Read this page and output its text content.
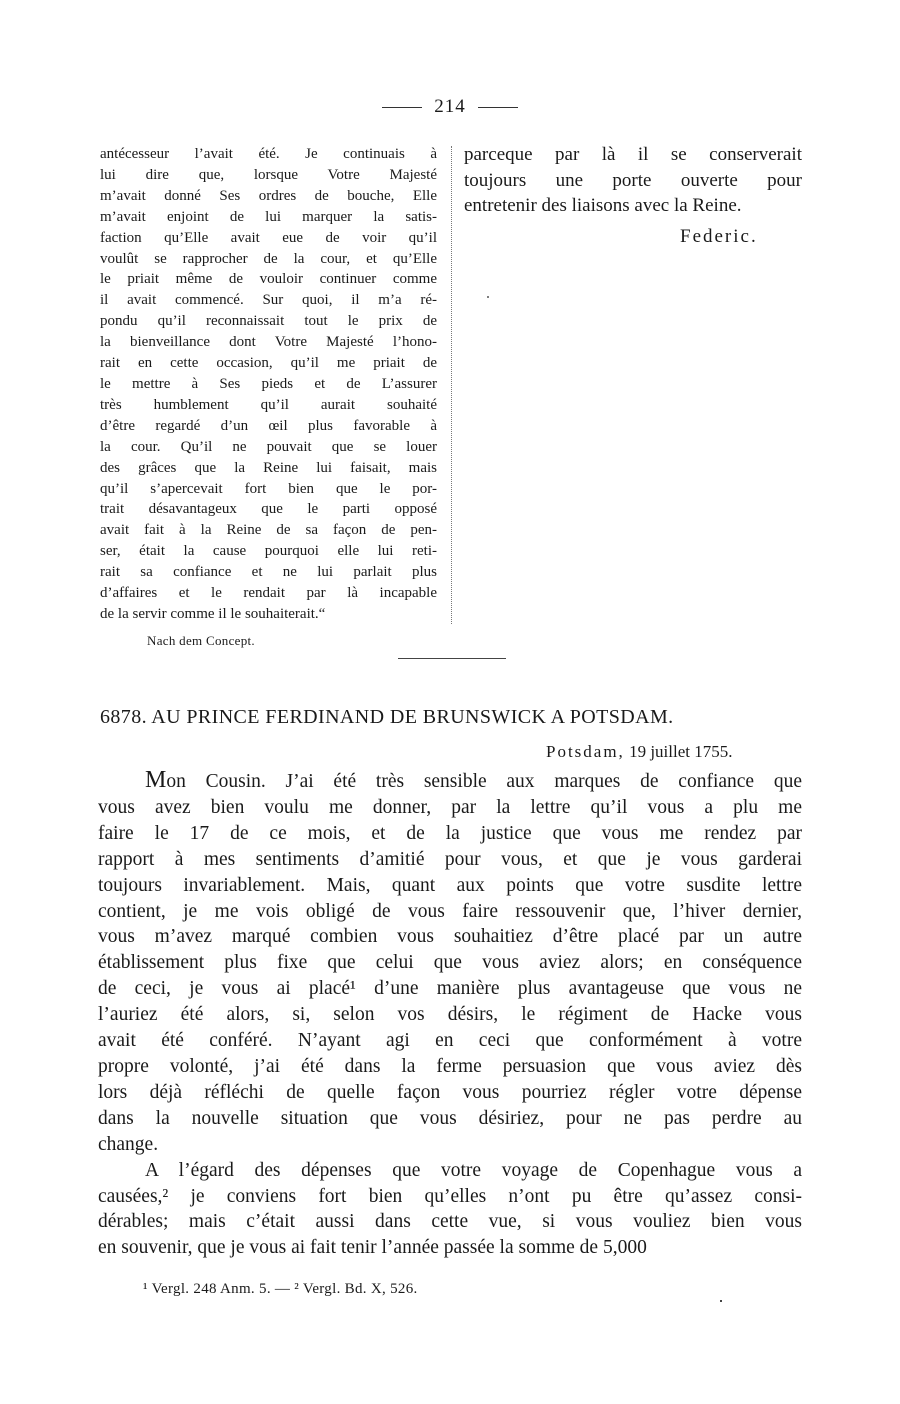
214
antécesseur l’avait été. Je continuais à
lui dire que, lorsque Votre Majesté
m’avait donné Ses ordres de bouche, Elle
m’avait enjoint de lui marquer la satis-
faction qu’Elle avait eue de voir qu’il
voulût se rapprocher de la cour, et qu’Elle
le priait même de vouloir continuer comme
il avait commencé. Sur quoi, il m’a ré-
pondu qu’il reconnaissait tout le prix de
la bienveillance dont Votre Majesté l’hono-
rait en cette occasion, qu’il me priait de
le mettre à Ses pieds et de L’assurer
très humblement qu’il aurait souhaité
d’être regardé d’un œil plus favorable à
la cour. Qu’il ne pouvait que se louer
des grâces que la Reine lui faisait, mais
qu’il s’apercevait fort bien que le por-
trait désavantageux que le parti opposé
avait fait à la Reine de sa façon de pen-
ser, était la cause pourquoi elle lui reti-
rait sa confiance et ne lui parlait plus
d’affaires et le rendait par là incapable
de la servir comme il le souhaiterait.“
parceque par là il se conserverait
toujours une porte ouverte pour
entretenir des liaisons avec la Reine.
Federic.
Nach dem Concept.
6878. AU PRINCE FERDINAND DE BRUNSWICK A POTSDAM.
Potsdam, 19 juillet 1755.
Mon Cousin. J’ai été très sensible aux marques de confiance que
vous avez bien voulu me donner, par la lettre qu’il vous a plu me
faire le 17 de ce mois, et de la justice que vous me rendez par
rapport à mes sentiments d’amitié pour vous, et que je vous garderai
toujours invariablement. Mais, quant aux points que votre susdite lettre
contient, je me vois obligé de vous faire ressouvenir que, l’hiver dernier,
vous m’avez marqué combien vous souhaitiez d’être placé par un autre
établissement plus fixe que celui que vous aviez alors; en conséquence
de ceci, je vous ai placé¹ d’une manière plus avantageuse que vous ne
l’auriez été alors, si, selon vos désirs, le régiment de Hacke vous
avait été conféré. N’ayant agi en ceci que conformément à votre
propre volonté, j’ai été dans la ferme persuasion que vous aviez dès
lors déjà réfléchi de quelle façon vous pourriez régler votre dépense
dans la nouvelle situation que vous désiriez, pour ne pas perdre au
change.
A l’égard des dépenses que votre voyage de Copenhague vous a
causées,² je conviens fort bien qu’elles n’ont pu être qu’assez consi-
dérables; mais c’était aussi dans cette vue, si vous vouliez bien vous
en souvenir, que je vous ai fait tenir l’année passée la somme de 5,000
¹ Vergl. 248 Anm. 5. — ² Vergl. Bd. X, 526.
